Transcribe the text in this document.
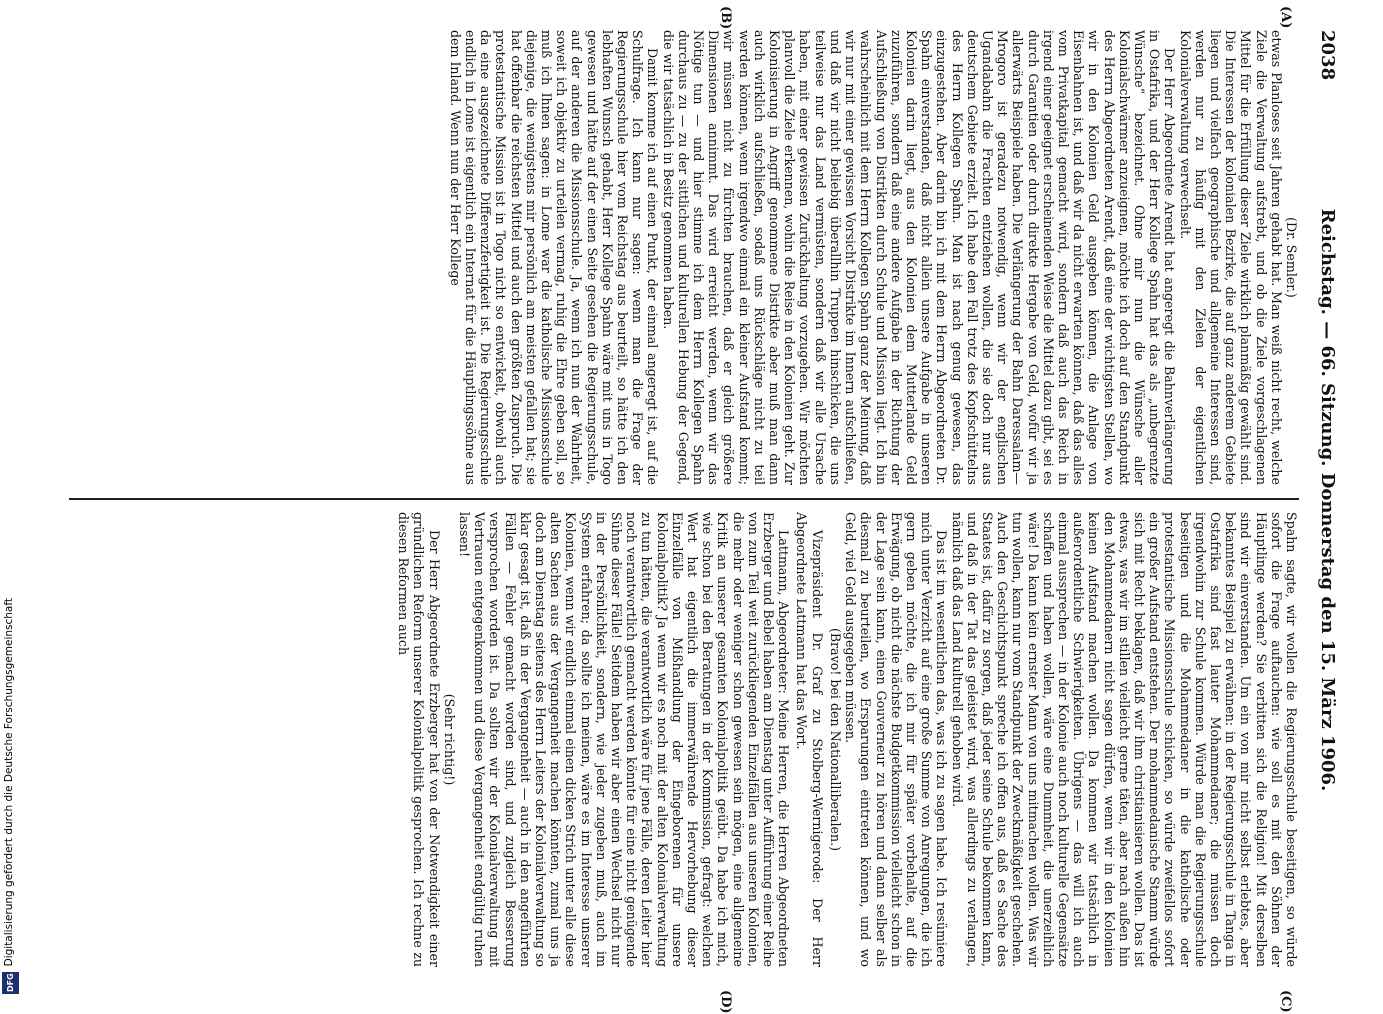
Digitalisierung gefördert durch die Deutsche Forschungsgemeinschaft
DFG
2038
Reichstag. — 66. Sitzung. Donnerstag den 15. März 1906.
(A)
(B)
(C)
(D)

(Dr. Semler.)

etwas Planloses seit Jahren gehabt hat. Man weiß nicht recht, welche Ziele die Verwaltung aufstrebt, und ob die Ziele vorgeschlagenen Mittel für die Erfüllung dieser Ziele wirklich planmäßig gewählt sind. Die Interessen der kolonialen Bezirke, die auf ganz anderem Gebiete liegen und vielfach geographische und allgemeine Interessen sind, werden nur zu häufig mit den Zielen der eigentlichen Kolonialverwaltung verwechselt.

Der Herr Abgeordnete Arendt hat angeregt die Bahnverlängerung in Ostafrika, und der Herr Kollege Spahn hat das als „unbegrenzte Wünsche“ bezeichnet. Ohne mir nun die Wünsche aller Kolonialschwärmer anzueignen, möchte ich doch auf den Standpunkt des Herrn Abgeordneten Arendt, daß eine der wichtigsten Stellen, wo wir in den Kolonien Geld ausgeben können, die Anlage von Eisenbahnen ist, und daß wir da nicht erwarten können, daß das alles vom Privatkapital gemacht wird, sondern daß auch das Reich in irgend einer geeignet erscheinenden Weise die Mittel dazu gibt, sei es durch Garantien oder durch direkte Hergabe von Geld, wofür wir ja allerwärts Beispiele haben. Die Verlängerung der Bahn Daressalam—Mrogoro ist geradezu notwendig, wenn wir der englischen Ugandabahn die Frachten entziehen wollen, die sie doch nur aus deutschem Gebiete erzielt. Ich habe den Fall trotz des Kopfschüttelns des Herrn Kollegen Spahn. Man ist nach genug gewesen, das einzugestehen. Aber darin bin ich mit dem Herrn Abgeordneten Dr. Spahn einverstanden, daß nicht allein unsere Aufgabe in unseren Kolonien darin liegt, aus den Kolonien dem Mutterlande Geld zuzuführen, sondern daß eine andere Aufgabe in der Richtung der Aufschließung von Distrikten durch Schule und Mission liegt. Ich bin wahrscheinlich mit dem Herrn Kollegen Spahn ganz der Meinung, daß wir nur mit einer gewissen Vorsicht Distrikte im Innern aufschließen, und daß wir nicht beliebig überallhin Truppen hinschicken, die uns teilweise nur das Land vermüsten, sondern daß wir alle Ursache haben, mit einer gewissen Zurückhaltung vorzugehen. Wir möchten planvoll die Ziele erkennen, wohin die Reise in den Kolonien geht. Zur Kolonisierung in Angriff genommene Distrikte aber muß man dann auch wirklich aufschließen, sodaß uns Rückschläge nicht zu teil werden können, wenn irgendwo einmal ein kleiner Aufstand kommt; wir müssen nicht zu fürchten brauchen, daß er gleich größere Dimensionen annimmt. Das wird erreicht werden, wenn wir das Nötige tun — und hier stimme ich dem Herrn Kollegen Spahn durchaus zu — zu der sittlichen und kulturellen Hebung der Gegend, die wir tatsächlich in Besitz genommen haben.

Damit komme ich auf einen Punkt, der einmal angeregt ist, auf die Schulfrage. Ich kann nur sagen: wenn man die Frage der Regierungsschule hier vom Reichstag aus beurteilt, so hätte ich den lebhaften Wunsch gehabt, Herr Kollege Spahn wäre mit uns in Togo gewesen und hätte auf der einen Seite gesehen die Regierungsschule, auf der anderen die Missionsschule. Ja, wenn ich nun der Wahrheit, soweit ich objektiv zu urteilen vermag, ruhig die Ehre geben soll, so muß ich Ihnen sagen: in Lome war die katholische Missionsschule diejenige, die wenigstens mir persönlich am meisten gefallen hat; sie hat offenbar die reichsten Mittel und auch den größten Zuspruch. Die protestantische Mission ist in Togo nicht so entwickelt, obwohl auch da eine ausgezeichnete Differenzfertigkeit ist. Die Regierungsschule endlich in Lome ist eigentlich ein Internat für die Häuptlingssöhne aus dem Inland. Wenn nun der Herr Kollege

Spahn sagte, wir wollen die Regierungsschule beseitigen, so würde sofort die Frage auftauchen: wie soll es mit den Söhnen der Häuptlinge werden? Sie verbitten sich die Religion! Mit derselben sind wir einverstanden. Um ein von mir nicht selbst erlebtes, aber bekanntes Beispiel zu erwähnen: in der Regierungsschule in Tanga in Ostafrika sind fast lauter Mohammedaner; die müssen doch irgendwohin zur Schule kommen. Würde man die Regierungsschule beseitigen und die Mohammedaner in die katholische oder protestantische Missionsschule schicken, so würde zweifellos sofort ein großer Aufstand entstehen. Der mohammedanische Stamm würde sich mit Recht beklagen, daß wir ihm christianisieren wollen. Das ist etwas, was wir im stillen vielleicht gerne täten, aber nach außen hin den Mohammedanern nicht sagen dürfen, wenn wir in den Kolonien keinen Aufstand machen wollen. Da kommen wir tatsächlich in außerordentliche Schwierigkeiten. Übrigens — das will ich auch einmal aussprechen — in der Kolonie auch noch kulturelle Gegensätze schaffen und haben wollen, wäre eine Dummheit, die unerzeihlich wäre! Da kann kein ernster Mann von uns mitmachen wollen. Was wir tun wollen, kann nur vom Standpunkt der Zweckmäßigkeit geschehen. Auch den Geschichtspunkt spreche ich offen aus, daß es Sache des Staates ist, dafür zu sorgen, daß jeder seine Schule bekommen kann, und daß in der Tat das geleistet wird, was allerdings zu verlangen, nämlich daß das Land kulturell gehoben wird.

Das ist im wesentlichen das, was ich zu sagen habe. Ich resümiere mich unter Verzicht auf eine große Summe von Anregungen, die ich gern geben möchte, die ich mir für später vorbehalte, auf die Erwägung, ob nicht die nächste Budgetkommission vielleicht schon in der Lage sein kann, einen Gouverneur zu hören und dann selber als diesmal zu beurteilen, wo Ersparungen eintreten können, und wo Geld, viel Geld ausgegeben müssen.

(Bravo! bei den Nationalliberalen.)

Vizepräsident Dr. Graf zu Stolberg-Wernigerode: Der Herr Abgeordnete Lattmann hat das Wort.

Lattmann, Abgeordneter: Meine Herren, die Herren Abgeordneten Erzberger und Bebel haben am Dienstag unter Aufführung einer Reihe von zum Teil weit zurückliegenden Einzelfällen aus unseren Kolonien, die mehr oder weniger schon gewesen sein mögen, eine allgemeine Kritik an unserer gesamten Kolonialpolitik geübt. Da habe ich mich, wie schon bei den Beratungen in der Kommission, gefragt: welchen Wert hat eigentlich die immerwährende Hervorhebung dieser Einzelfälle von Mißhandlung der Eingeborenen für unsere Kolonialpolitik? Ja wenn wir es noch mit der alten Kolonialverwaltung zu tun hätten, die verantwortlich wäre für jene Fälle, deren Leiter hier noch verantwortlich gemacht werden könnte für eine nicht genügende Sühne dieser Fälle! Seitdem haben wir aber einen Wechsel nicht nur in der Persönlichkeit, sondern, wie jeder zugeben muß, auch im System erfahren; da sollte ich meinen, wäre es im Interesse unserer Kolonien, wenn wir endlich einmal einen dicken Strich unter alle diese alten Sachen aus der Vergangenheit machen könnten, zumal uns ja doch am Dienstag seitens des Herrn Leiters der Kolonialverwaltung so klar gesagt ist, daß in der Vergangenheit — auch in den angeführten Fällen — Fehler gemacht worden sind, und zugleich Besserung versprochen worden ist. Da sollten wir der Kolonialverwaltung mit Vertrauen entgegenkommen und diese Vergangenheit endgültig ruhen lassen!

(Sehr richtig!)

Der Herr Abgeordnete Erzberger hat von der Notwendigkeit einer gründlichen Reform unserer Kolonialpolitik gesprochen. Ich rechne zu diesen Reformen auch
